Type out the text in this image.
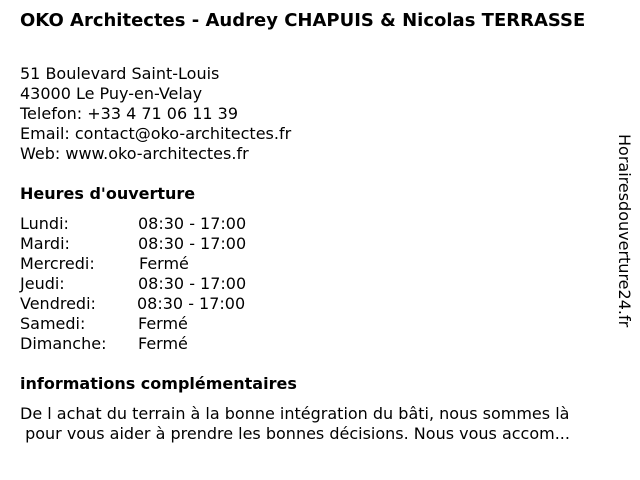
OKO Architectes - Audrey CHAPUIS & Nicolas TERRASSE
51 Boulevard Saint-Louis
43000 Le Puy-en-Velay
Telefon: +33 4 71 06 11 39
Email: contact@oko-architectes.fr
Web: www.oko-architectes.fr
Heures d'ouverture
Lundi:	08:30 - 17:00
Mardi:	08:30 - 17:00
Mercredi:	Fermé
Jeudi:	08:30 - 17:00
Vendredi:	08:30 - 17:00
Samedi:	Fermé
Dimanche: Fermé
informations complémentaires
De l achat du terrain à la bonne intégration du bâti, nous sommes là
pour vous aider à prendre les bonnes décisions. Nous vous accom...
Horairesdouverture24.fr
